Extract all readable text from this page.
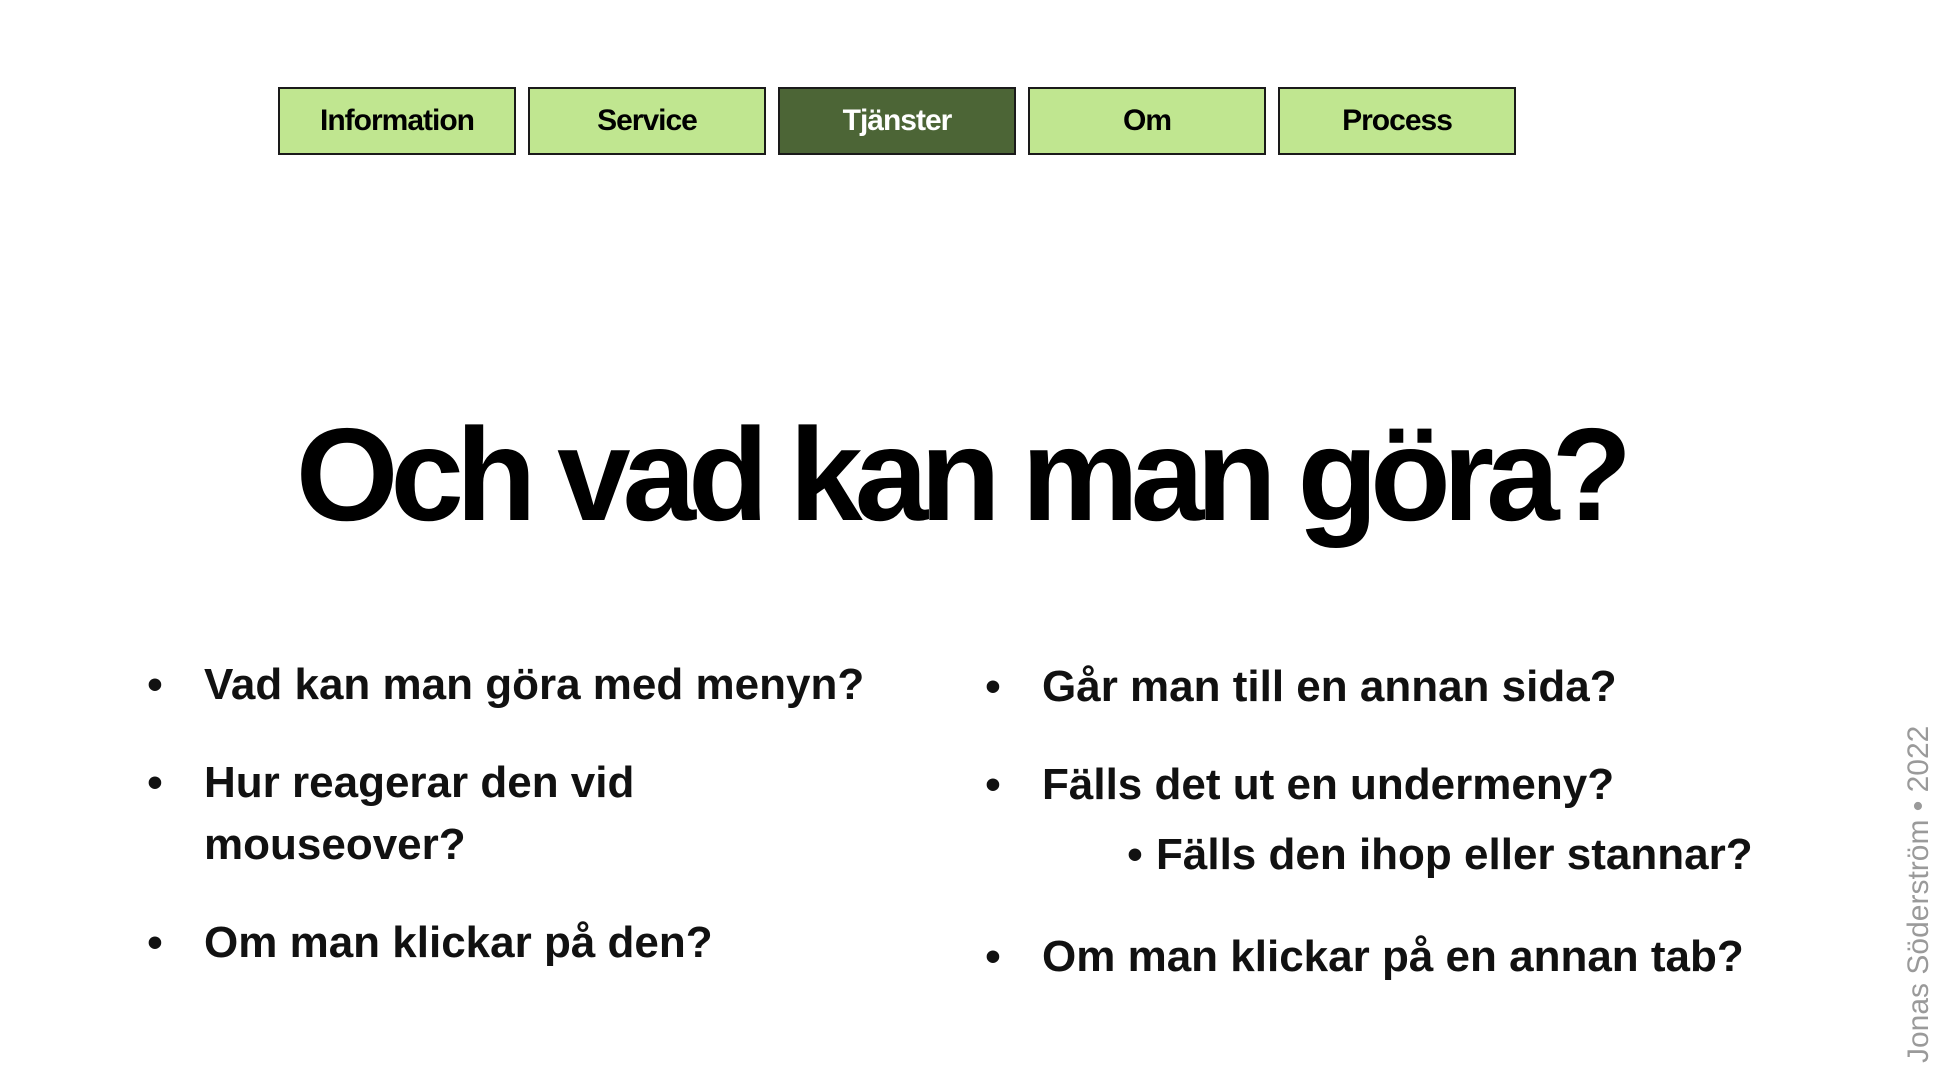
Information	Service	Tjänster	Om	Process
Och vad kan man göra?
• Vad kan man göra med menyn?
• Hur reagerar den vid mouseover?
• Om man klickar på den?
• Går man till en annan sida?
• Fälls det ut en undermeny?
• Fälls den ihop eller stannar?
• Om man klickar på en annan tab?	Jonas Söderström • 2022
